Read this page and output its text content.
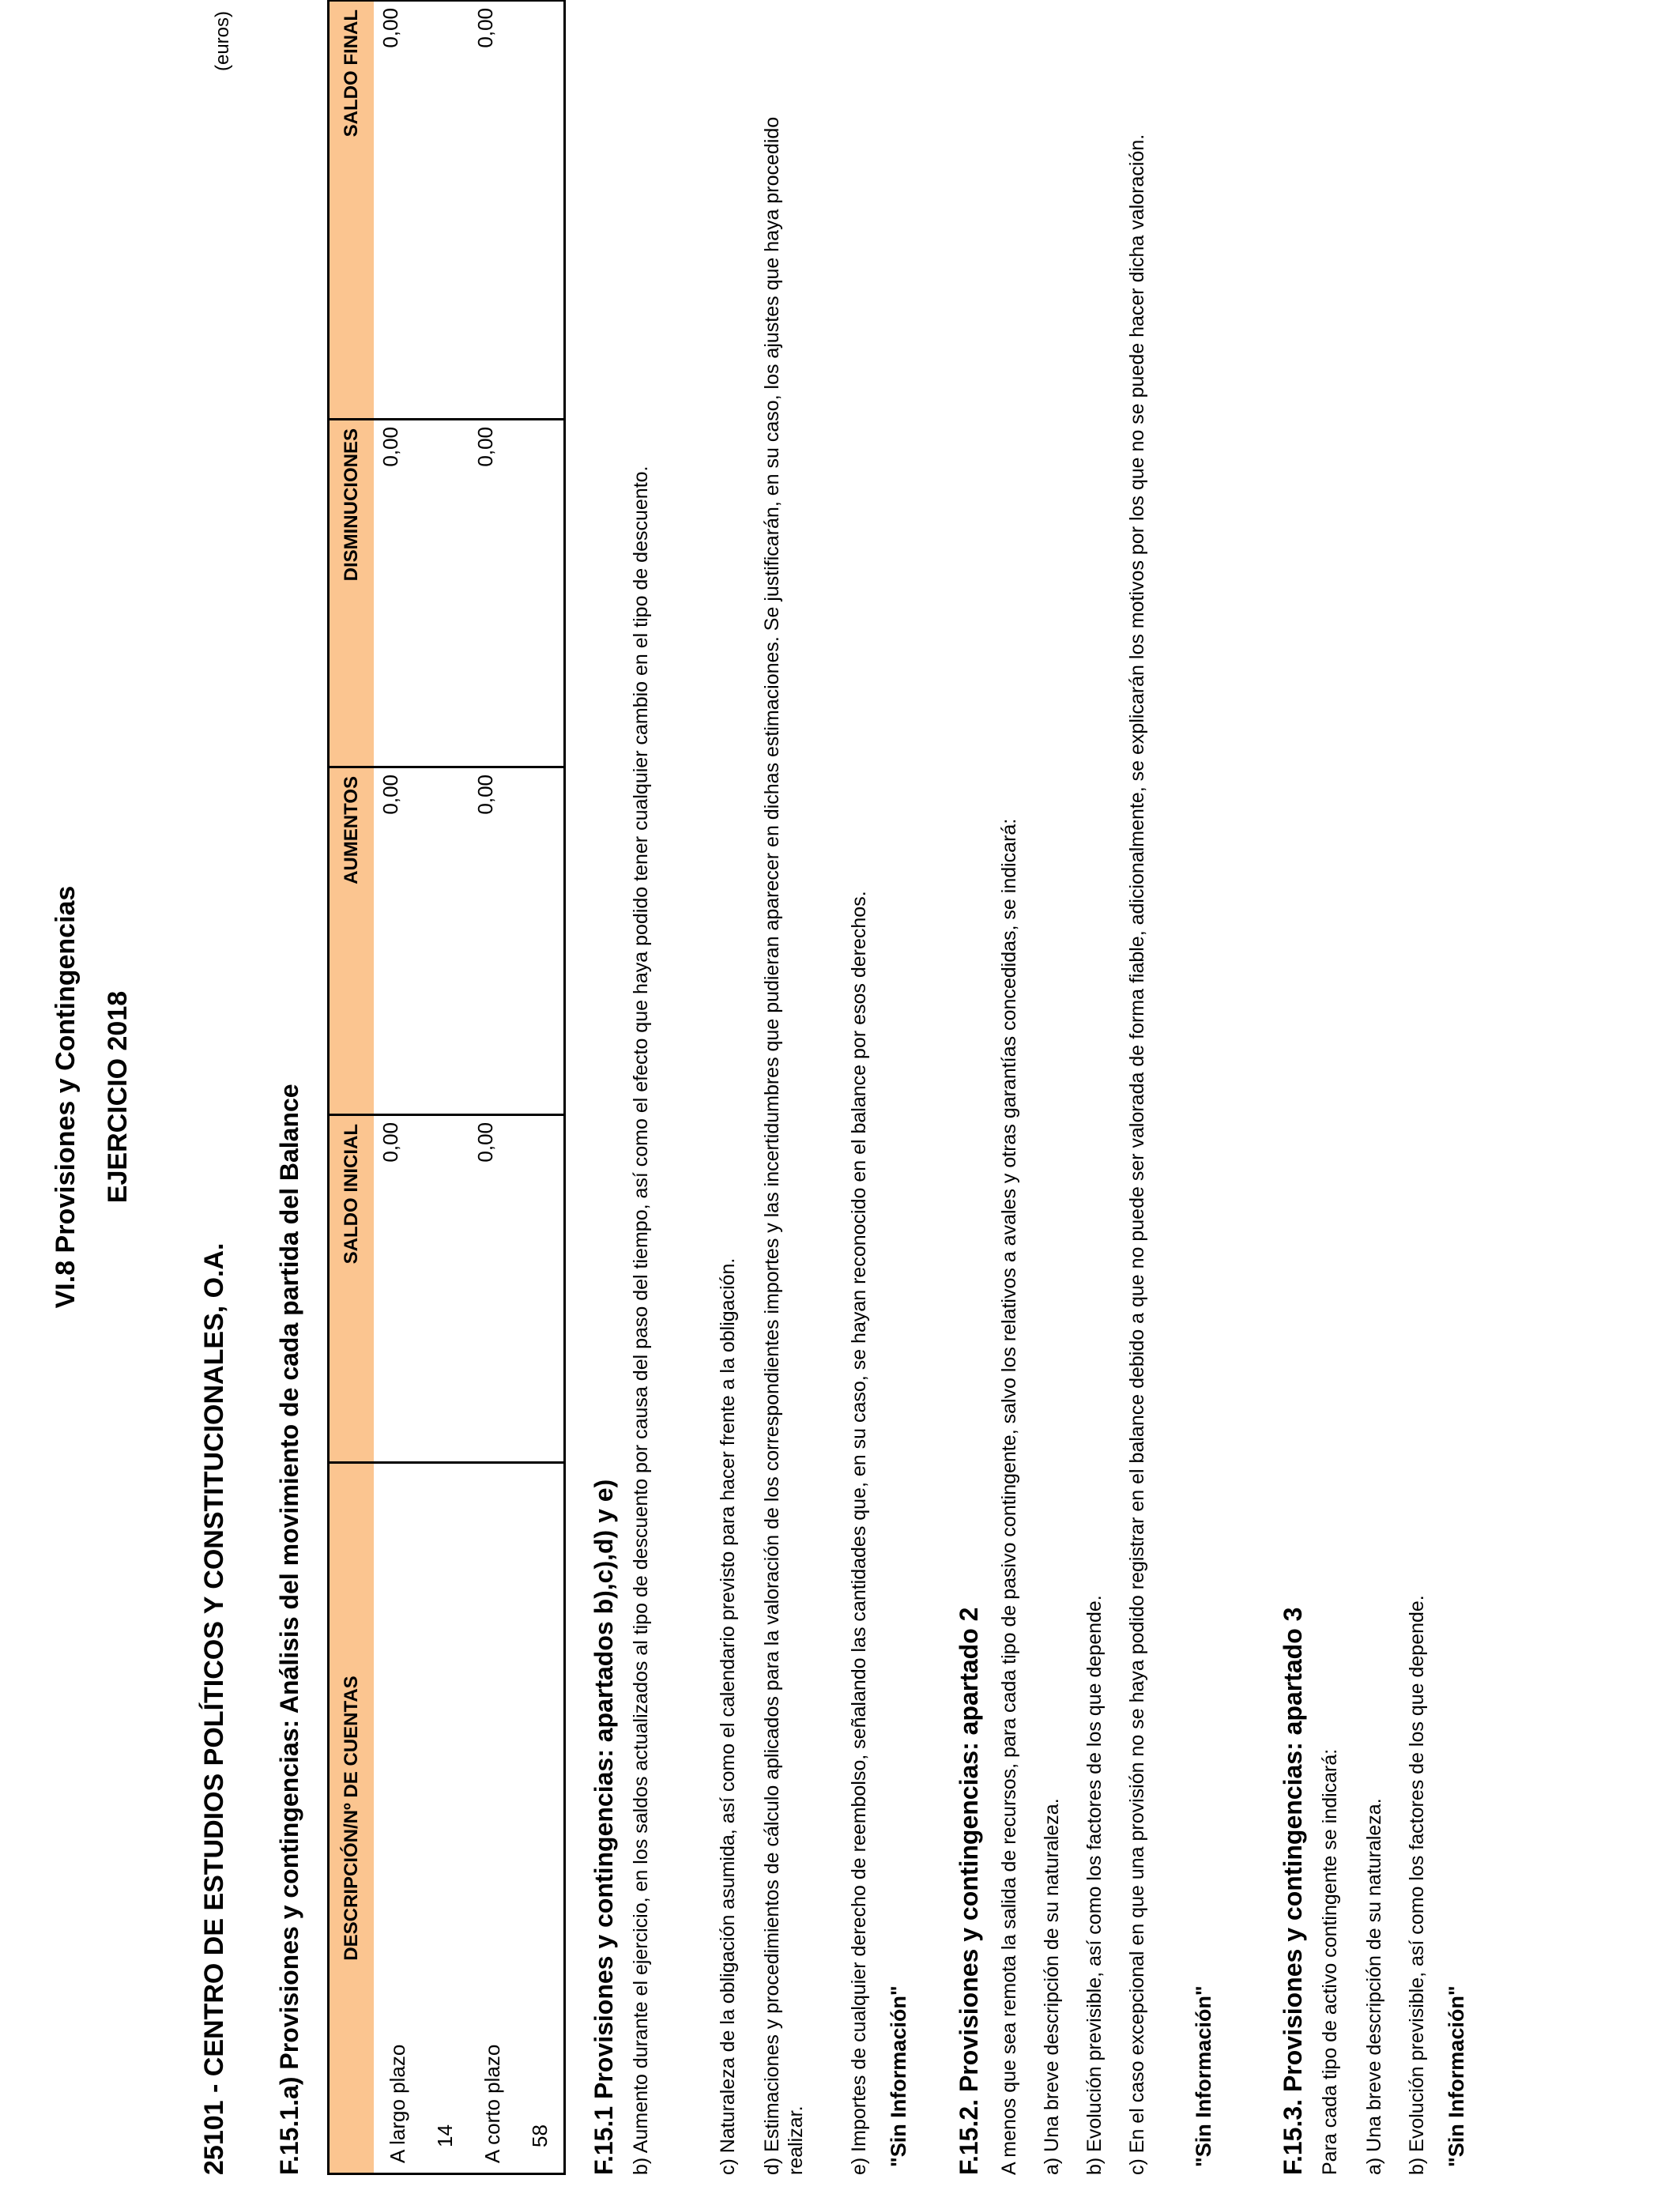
VI.8 Provisiones y Contingencias EJERCICIO 2018
25101 - CENTRO DE ESTUDIOS POLÍTICOS Y CONSTITUCIONALES, O.A.
(euros)
F.15.1.a) Provisiones y contingencias: Análisis del movimiento de cada partida del Balance DESCRIPCIÓN/Nº DE CUENTAS	SALDO INICIAL	AUMENTOS	DISMINUCIONES	SALDO FINAL
A largo plazo	0,00	0,00	0,00	0,00
14				
A corto plazo	0,00	0,00	0,00	0,00
58				F.15.1 Provisiones y contingencias: apartados b),c),d) y e) b) Aumento durante el ejercicio, en los saldos actualizados al tipo de descuento por causa del paso del tiempo, así como el efecto que haya podido tener cualquier cambio en el tipo de descuento.	c) Naturaleza de la obligación asumida, así como el calendario previsto para hacer frente a la obligación. d) Estimaciones y procedimientos de cálculo aplicados para la valoración de los correspondientes importes y las incertidumbres que pudieran aparecer en dichas estimaciones. Se justificarán, en su caso, los ajustes que haya procedido realizar. e) Importes de cualquier derecho de reembolso, señalando las cantidades que, en su caso, se hayan reconocido en el balance por esos derechos. "Sin Información" F.15.2. Provisiones y contingencias: apartado 2 A menos que sea remota la salida de recursos, para cada tipo de pasivo contingente, salvo los relativos a avales y otras garantías concedidas, se indicará: a) Una breve descripción de su naturaleza. b) Evolución previsible, así como los factores de los que depende. c) En el caso excepcional en que una provisión no se haya podido registrar en el balance debido a que no puede ser valorada de forma fiable, adicionalmente, se explicarán los motivos por los que no se puede hacer dicha valoración. "Sin Información"	F.15.3. Provisiones y contingencias: apartado 3 Para cada tipo de activo contingente se indicará: a) Una breve descripción de su naturaleza. b) Evolución previsible, así como los factores de los que depende. "Sin Información"
